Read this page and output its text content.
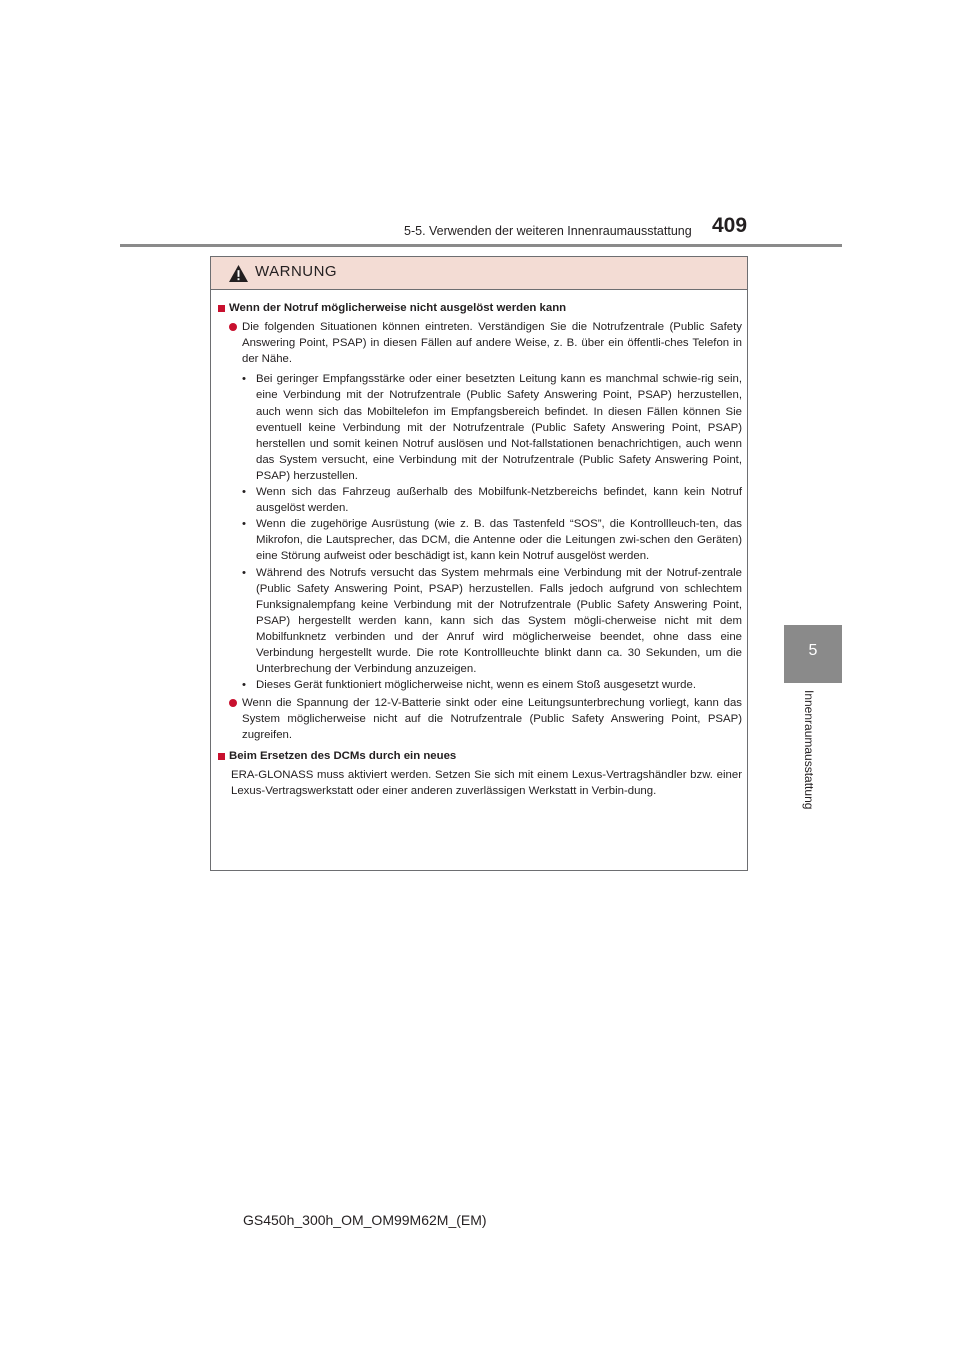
5-5. Verwenden der weiteren Innenraumausstattung 409
5
Innenraumausstattung
WARNUNG
Wenn der Notruf möglicherweise nicht ausgelöst werden kann
Die folgenden Situationen können eintreten. Verständigen Sie die Notrufzentrale (Public Safety Answering Point, PSAP) in diesen Fällen auf andere Weise, z. B. über ein öffentli-ches Telefon in der Nähe.
• Bei geringer Empfangsstärke oder einer besetzten Leitung kann es manchmal schwie-rig sein, eine Verbindung mit der Notrufzentrale (Public Safety Answering Point, PSAP) herzustellen, auch wenn sich das Mobiltelefon im Empfangsbereich befindet. In diesen Fällen können Sie eventuell keine Verbindung mit der Notrufzentrale (Public Safety Answering Point, PSAP) herstellen und somit keinen Notruf auslösen und Not-fallstationen benachrichtigen, auch wenn das System versucht, eine Verbindung mit der Notrufzentrale (Public Safety Answering Point, PSAP) herzustellen.
• Wenn sich das Fahrzeug außerhalb des Mobilfunk-Netzbereichs befindet, kann kein Notruf ausgelöst werden.
• Wenn die zugehörige Ausrüstung (wie z. B. das Tastenfeld “SOS”, die Kontrollleuch-ten, das Mikrofon, die Lautsprecher, das DCM, die Antenne oder die Leitungen zwi-schen den Geräten) eine Störung aufweist oder beschädigt ist, kann kein Notruf ausgelöst werden.
• Während des Notrufs versucht das System mehrmals eine Verbindung mit der Notruf-zentrale (Public Safety Answering Point, PSAP) herzustellen. Falls jedoch aufgrund von schlechtem Funksignalempfang keine Verbindung mit der Notrufzentrale (Public Safety Answering Point, PSAP) hergestellt werden kann, kann sich das System mögli-cherweise nicht mit dem Mobilfunknetz verbinden und der Anruf wird möglicherweise beendet, ohne dass eine Verbindung hergestellt wurde. Die rote Kontrollleuchte blinkt dann ca. 30 Sekunden, um die Unterbrechung der Verbindung anzuzeigen.
• Dieses Gerät funktioniert möglicherweise nicht, wenn es einem Stoß ausgesetzt wurde.
Wenn die Spannung der 12-V-Batterie sinkt oder eine Leitungsunterbrechung vorliegt, kann das System möglicherweise nicht auf die Notrufzentrale (Public Safety Answering Point, PSAP) zugreifen.
Beim Ersetzen des DCMs durch ein neues
ERA-GLONASS muss aktiviert werden. Setzen Sie sich mit einem Lexus-Vertragshändler bzw. einer Lexus-Vertragswerkstatt oder einer anderen zuverlässigen Werkstatt in Verbin-dung.
GS450h_300h_OM_OM99M62M_(EM)
